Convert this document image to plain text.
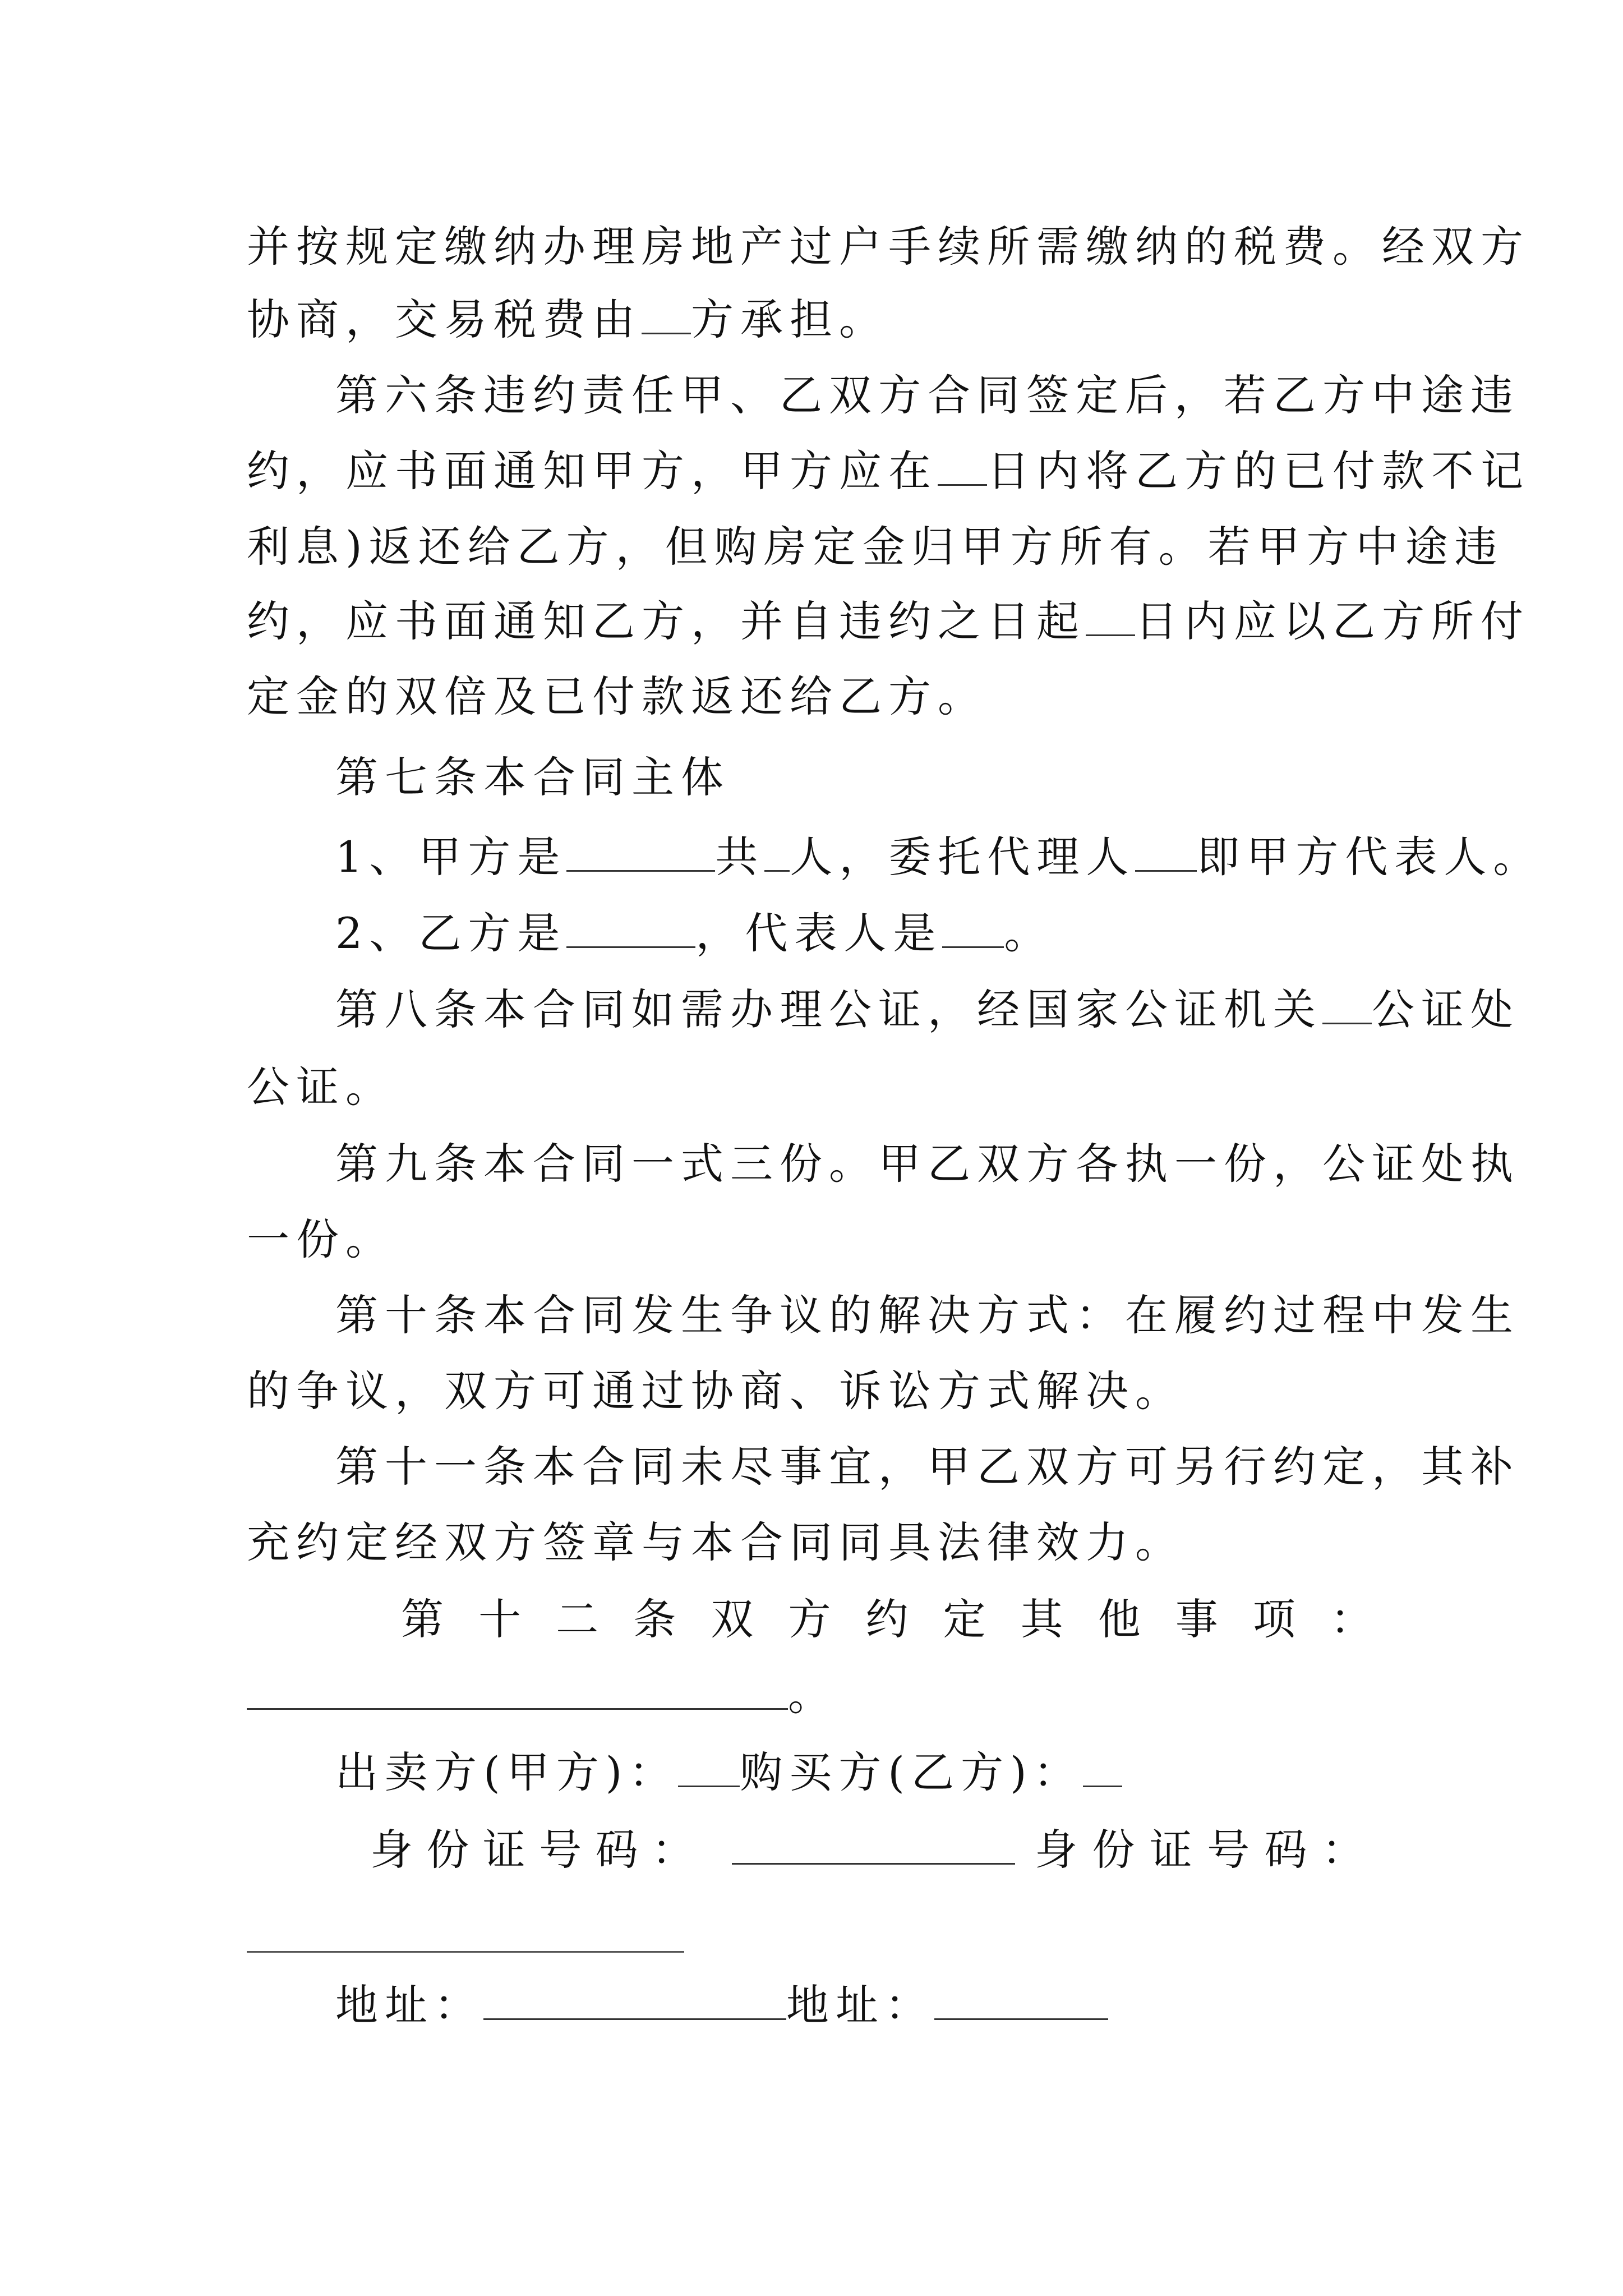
并按规定缴纳办理房地产过户手续所需缴纳的税费。经双方
协商，交易税费由 方承担。
第六条违约责任甲、乙双方合同签定后，若乙方中途违
约，应书面通知甲方，甲方应在 日内将乙方的已付款不记
利息)返还给乙方，但购房定金归甲方所有。若甲方中途违
约，应书面通知乙方，并自违约之日起 日内应以乙方所付
定金的双倍及已付款返还给乙方。
第七条本合同主体
1、甲方是	共 人，委托代理人 即甲方代表人。
2、乙方是	，代表人是 。
第八条本合同如需办理公证，经国家公证机关 公证处
公证。
第九条本合同一式三份。甲乙双方各执一份，公证处执
一份。
第十条本合同发生争议的解决方式：在履约过程中发生
的争议，双方可通过协商、诉讼方式解决。
第十一条本合同未尽事宜，甲乙双方可另行约定，其补
充约定经双方签章与本合同同具法律效力。
第 十 二 条 双 方 约 定 其 他 事 项 ：
。
出卖方(甲方)： 购买方(乙方)：
身 份 证 号 码 ：	身 份 证 号 码 ：
地址：	地址：
